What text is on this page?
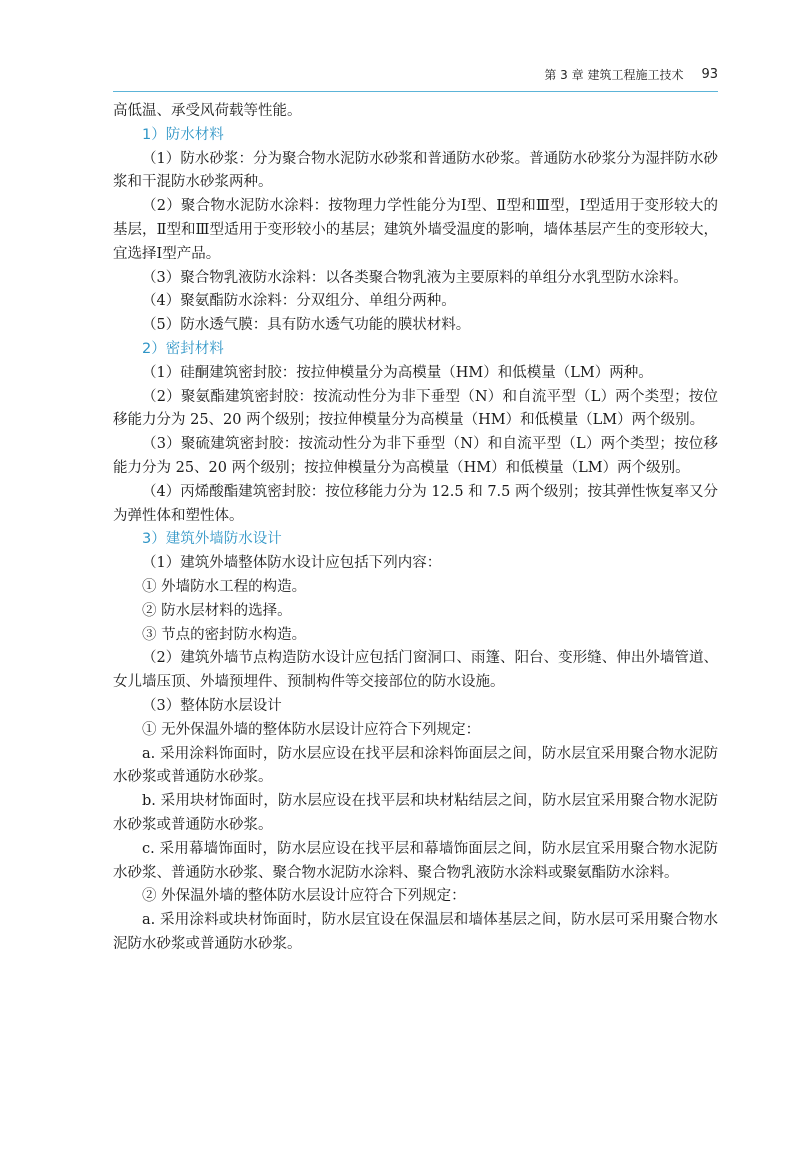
第 3 章 建筑工程施工技术 93

高低温、承受风荷载等性能。

1）防水材料

（1）防水砂浆：分为聚合物水泥防水砂浆和普通防水砂浆。普通防水砂浆分为湿拌防水砂浆和干混防水砂浆两种。

（2）聚合物水泥防水涂料：按物理力学性能分为Ⅰ型、Ⅱ型和Ⅲ型，Ⅰ型适用于变形较大的基层，Ⅱ型和Ⅲ型适用于变形较小的基层；建筑外墙受温度的影响，墙体基层产生的变形较大，宜选择Ⅰ型产品。

（3）聚合物乳液防水涂料：以各类聚合物乳液为主要原料的单组分水乳型防水涂料。

（4）聚氨酯防水涂料：分双组分、单组分两种。

（5）防水透气膜：具有防水透气功能的膜状材料。

2）密封材料

（1）硅酮建筑密封胶：按拉伸模量分为高模量（HM）和低模量（LM）两种。

（2）聚氨酯建筑密封胶：按流动性分为非下垂型（N）和自流平型（L）两个类型；按位移能力分为 25、20 两个级别；按拉伸模量分为高模量（HM）和低模量（LM）两个级别。

（3）聚硫建筑密封胶：按流动性分为非下垂型（N）和自流平型（L）两个类型；按位移能力分为 25、20 两个级别；按拉伸模量分为高模量（HM）和低模量（LM）两个级别。

（4）丙烯酸酯建筑密封胶：按位移能力分为 12.5 和 7.5 两个级别；按其弹性恢复率又分为弹性体和塑性体。

3）建筑外墙防水设计

（1）建筑外墙整体防水设计应包括下列内容：

① 外墙防水工程的构造。

② 防水层材料的选择。

③ 节点的密封防水构造。

（2）建筑外墙节点构造防水设计应包括门窗洞口、雨篷、阳台、变形缝、伸出外墙管道、女儿墙压顶、外墙预埋件、预制构件等交接部位的防水设施。

（3）整体防水层设计

① 无外保温外墙的整体防水层设计应符合下列规定：

a. 采用涂料饰面时，防水层应设在找平层和涂料饰面层之间，防水层宜采用聚合物水泥防水砂浆或普通防水砂浆。

b. 采用块材饰面时，防水层应设在找平层和块材粘结层之间，防水层宜采用聚合物水泥防水砂浆或普通防水砂浆。

c. 采用幕墙饰面时，防水层应设在找平层和幕墙饰面层之间，防水层宜采用聚合物水泥防水砂浆、普通防水砂浆、聚合物水泥防水涂料、聚合物乳液防水涂料或聚氨酯防水涂料。

② 外保温外墙的整体防水层设计应符合下列规定：

a. 采用涂料或块材饰面时，防水层宜设在保温层和墙体基层之间，防水层可采用聚合物水泥防水砂浆或普通防水砂浆。
